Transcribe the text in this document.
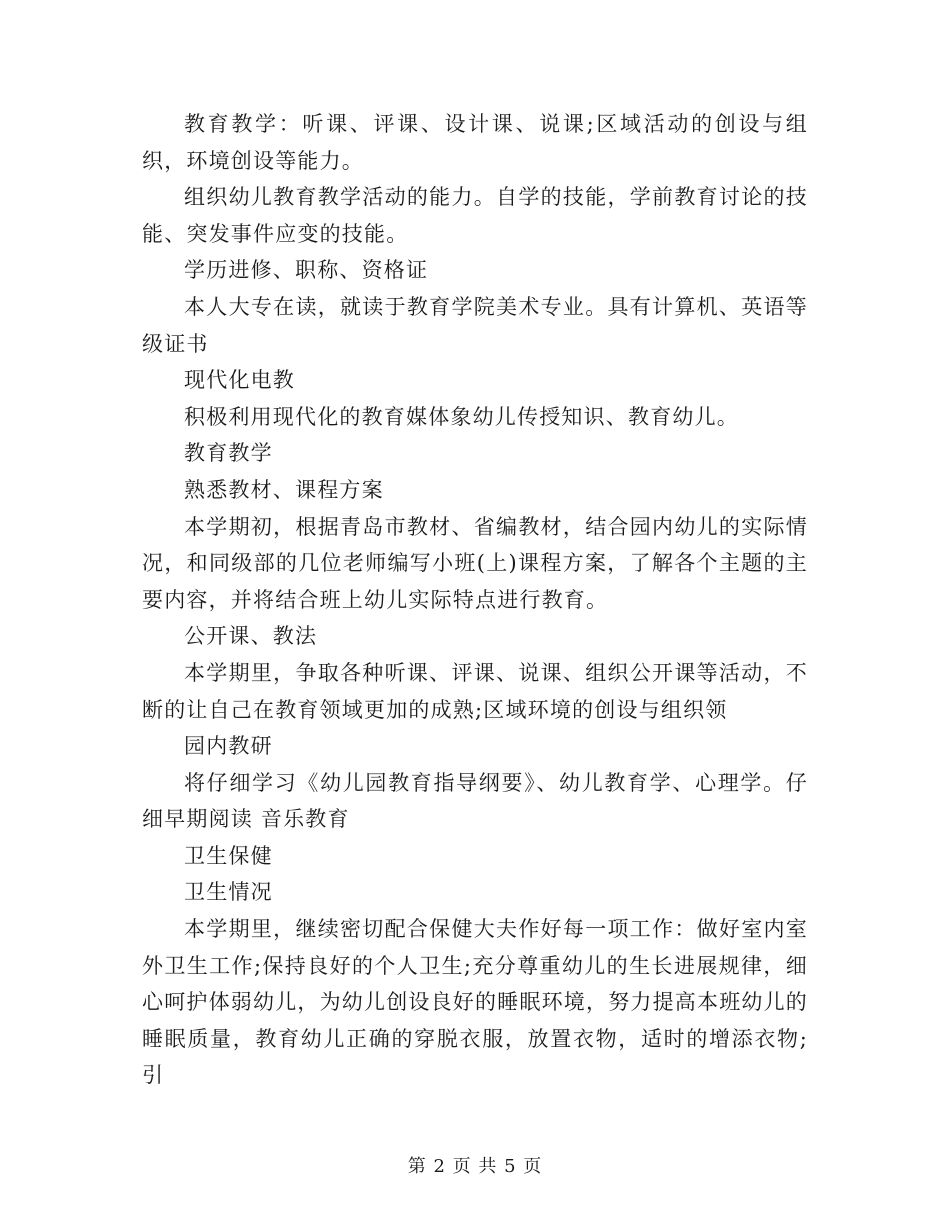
教育教学：听课、评课、设计课、说课;区域活动的创设与组织，环境创设等能力。

组织幼儿教育教学活动的能力。自学的技能，学前教育讨论的技能、突发事件应变的技能。

学历进修、职称、资格证

本人大专在读，就读于教育学院美术专业。具有计算机、英语等级证书

现代化电教

积极利用现代化的教育媒体象幼儿传授知识、教育幼儿。

教育教学

熟悉教材、课程方案

本学期初，根据青岛市教材、省编教材，结合园内幼儿的实际情况，和同级部的几位老师编写小班(上)课程方案，了解各个主题的主要内容，并将结合班上幼儿实际特点进行教育。

公开课、教法

本学期里，争取各种听课、评课、说课、组织公开课等活动，不断的让自己在教育领域更加的成熟;区域环境的创设与组织领

园内教研

将仔细学习《幼儿园教育指导纲要》、幼儿教育学、心理学。仔细早期阅读 音乐教育

卫生保健

卫生情况

本学期里，继续密切配合保健大夫作好每一项工作：做好室内室外卫生工作;保持良好的个人卫生;充分尊重幼儿的生长进展规律，细心呵护体弱幼儿，为幼儿创设良好的睡眠环境，努力提高本班幼儿的睡眠质量，教育幼儿正确的穿脱衣服，放置衣物，适时的增添衣物;引

第 2 页 共 5 页
